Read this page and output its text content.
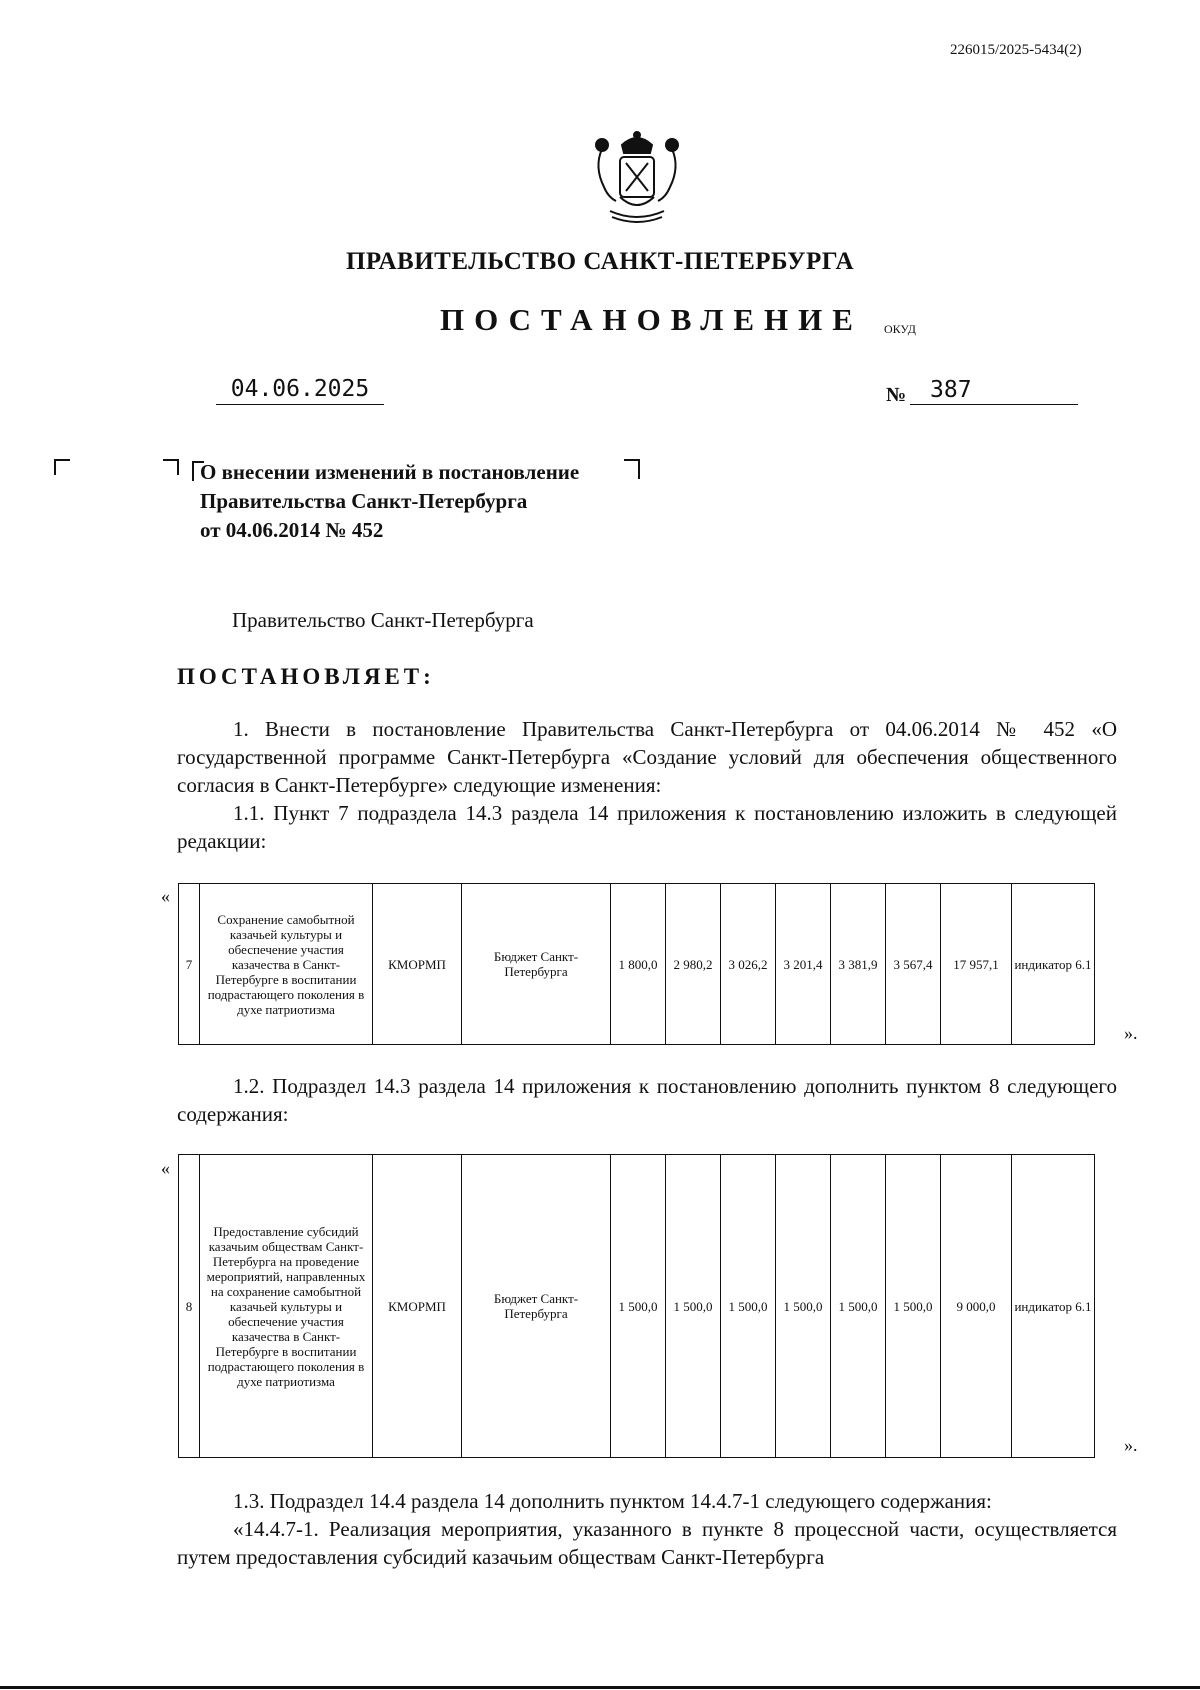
226015/2025-5434(2)
ПРАВИТЕЛЬСТВО САНКТ-ПЕТЕРБУРГА
ПОСТАНОВЛЕНИЕ ОКУД
04.06.2025	№	387
О внесении изменений в постановление
Правительства Санкт-Петербурга
от 04.06.2014 № 452
Правительство Санкт-Петербурга
ПОСТАНОВЛЯЕТ:
1. Внести в постановление Правительства Санкт-Петербурга от 04.06.2014 № 452 «О государственной программе Санкт-Петербурга «Создание условий для обеспечения общественного согласия в Санкт-Петербурге» следующие изменения:
1.1. Пункт 7 подраздела 14.3 раздела 14 приложения к постановлению изложить в следующей редакции:
«
7	Сохранение самобытной казачьей культуры и обеспечение участия казачества в Санкт-Петербурге в воспитании подрастающего поколения в духе патриотизма	КМОРМП	Бюджет Санкт-Петербурга	1 800,0	2 980,2	3 026,2	3 201,4	3 381,9	3 567,4	17 957,1	индикатор 6.1
».
1.2. Подраздел 14.3 раздела 14 приложения к постановлению дополнить пунктом 8 следующего содержания:
«
8	Предоставление субсидий казачьим обществам Санкт-Петербурга на проведение мероприятий, направленных на сохранение самобытной казачьей культуры и обеспечение участия казачества в Санкт-Петербурге в воспитании подрастающего поколения в духе патриотизма	КМОРМП	Бюджет Санкт-Петербурга	1 500,0	1 500,0	1 500,0	1 500,0	1 500,0	1 500,0	9 000,0	индикатор 6.1
».
1.3. Подраздел 14.4 раздела 14 дополнить пунктом 14.4.7-1 следующего содержания:
«14.4.7-1. Реализация мероприятия, указанного в пункте 8 процессной части, осуществляется путем предоставления субсидий казачьим обществам Санкт-Петербурга
